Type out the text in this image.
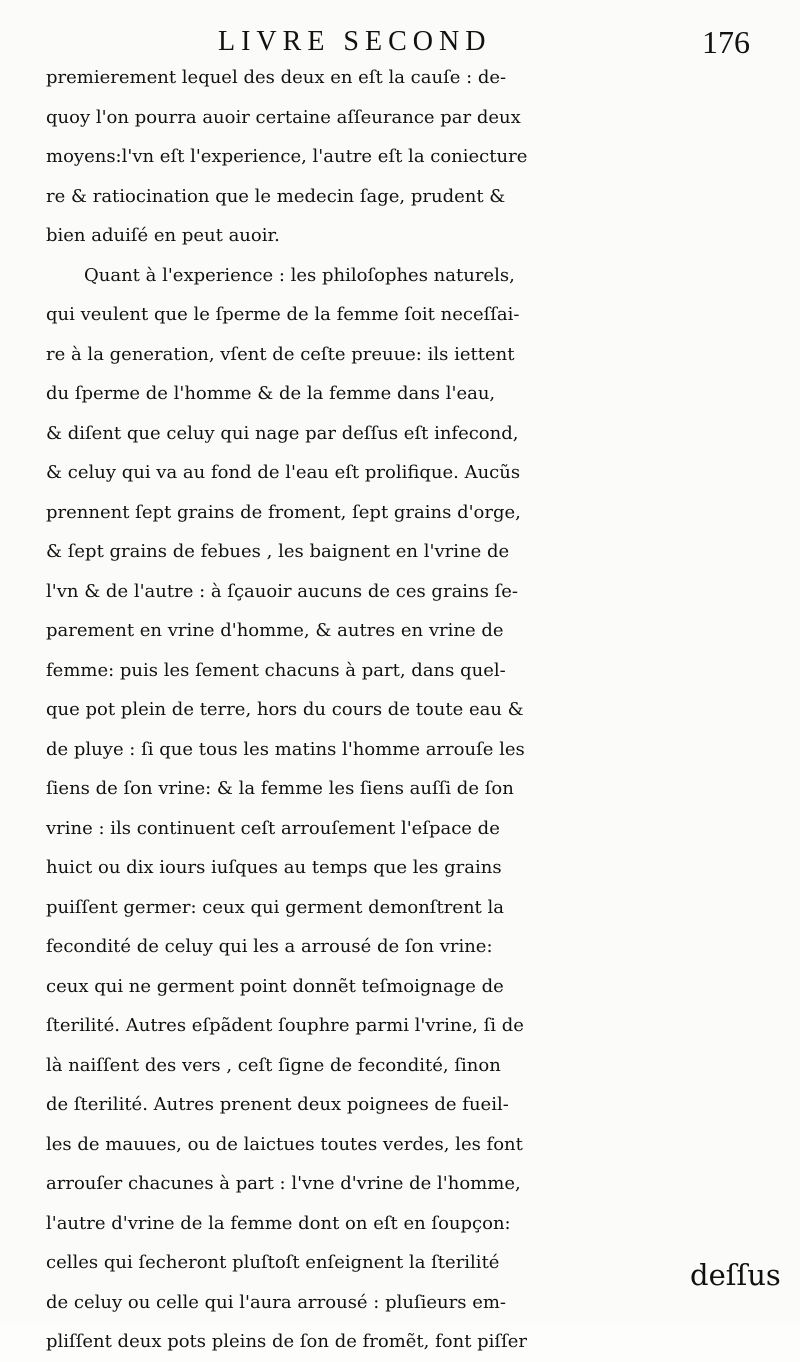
LIVRE SECOND	176
premierement lequel des deux en eſt la cauſe : de-
quoy l'on pourra auoir certaine aſſeurance par deux
moyens:l'vn eſt l'experience, l'autre eſt la coniecture
re & ratiocination que le medecin ſage, prudent &
bien aduiſé en peut auoir.
Quant à l'experience : les philoſophes naturels,
qui veulent que le ſperme de la femme ſoit neceſſai-
re à la generation, vſent de ceſte preuue: ils iettent
du ſperme de l'homme & de la femme dans l'eau,
& diſent que celuy qui nage par deſſus eſt infecond,
& celuy qui va au fond de l'eau eſt prolifique. Aucũs
prennent ſept grains de froment, ſept grains d'orge,
& ſept grains de febues , les baignent en l'vrine de
l'vn & de l'autre : à ſçauoir aucuns de ces grains ſe-
parement en vrine d'homme, & autres en vrine de
femme: puis les ſement chacuns à part, dans quel-
que pot plein de terre, hors du cours de toute eau &
de pluye : ſi que tous les matins l'homme arrouſe les
ſiens de ſon vrine: & la femme les ſiens auſſi de ſon
vrine : ils continuent ceſt arrouſement l'eſpace de
huict ou dix iours iuſques au temps que les grains
puiſſent germer: ceux qui germent demonſtrent la
fecondité de celuy qui les a arrousé de ſon vrine:
ceux qui ne germent point donnẽt teſmoignage de
ſterilité. Autres eſpãdent ſouphre parmi l'vrine, ſi de
là naiſſent des vers , ceſt ſigne de fecondité, ſinon
de ſterilité. Autres prenent deux poignees de fueil-
les de mauues, ou de laictues toutes verdes, les font
arrouſer chacunes à part : l'vne d'vrine de l'homme,
l'autre d'vrine de la femme dont on eſt en ſoupçon:
celles qui ſecheront pluſtoſt enſeignent la ſterilité
de celuy ou celle qui l'aura arrousé : pluſieurs em-
pliſſent deux pots pleins de ſon de fromẽt, font piſſer
deſſus
